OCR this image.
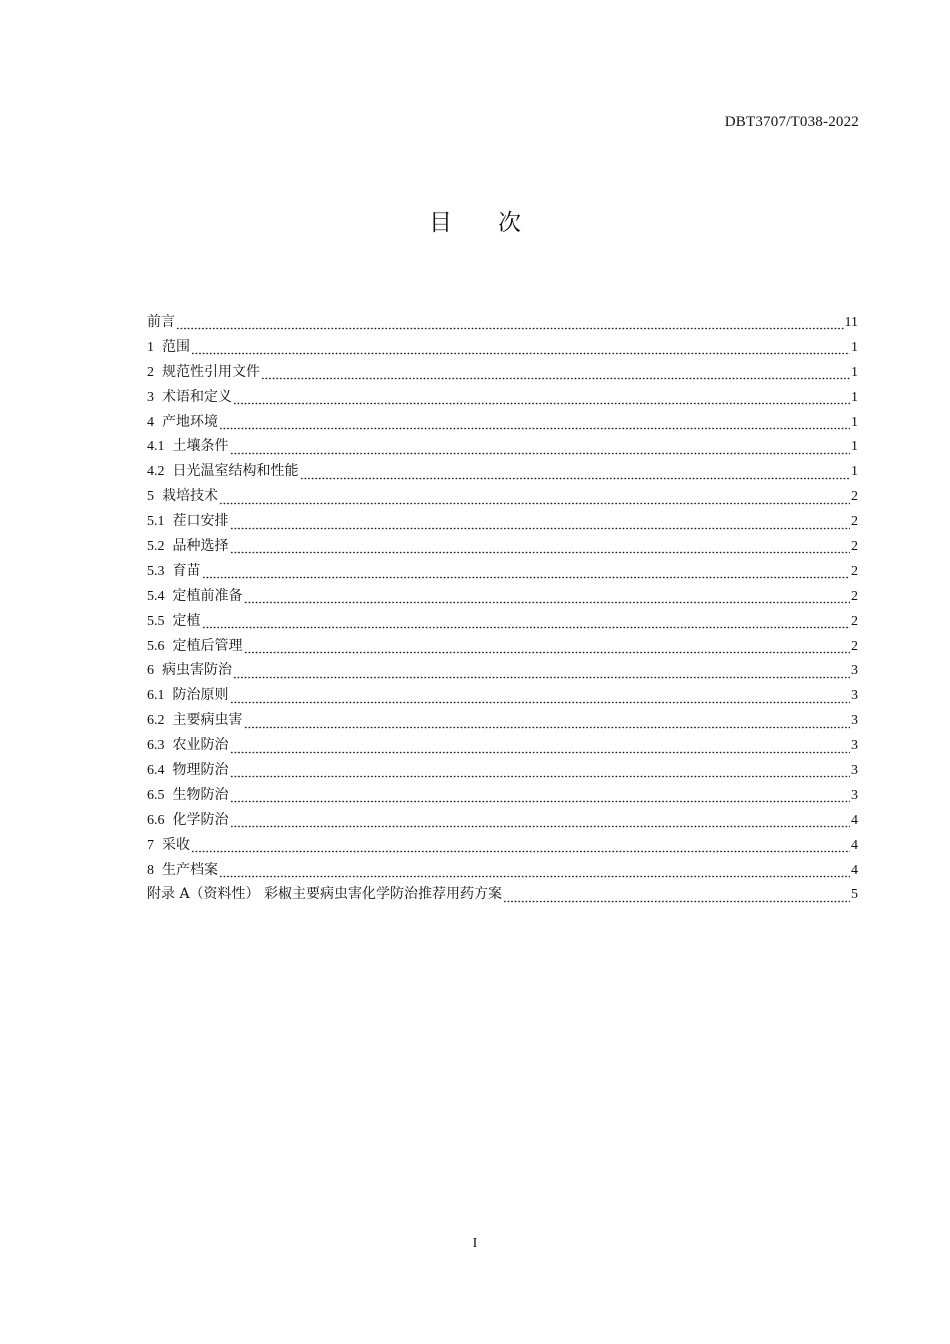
DBT3707/T038-2022
目 次
前言	11
1 范围	1
2 规范性引用文件	1
3 术语和定义	1
4 产地环境	1
4.1 土壤条件	1
4.2 日光温室结构和性能	1
5 栽培技术	2
5.1 茬口安排	2
5.2 品种选择	2
5.3 育苗	2
5.4 定植前准备	2
5.5 定植	2
5.6 定植后管理	2
6 病虫害防治	3
6.1 防治原则	3
6.2 主要病虫害	3
6.3 农业防治	3
6.4 物理防治	3
6.5 生物防治	3
6.6 化学防治	4
7 采收	4
8 生产档案	4
附录 A（资料性） 彩椒主要病虫害化学防治推荐用药方案	5
I
